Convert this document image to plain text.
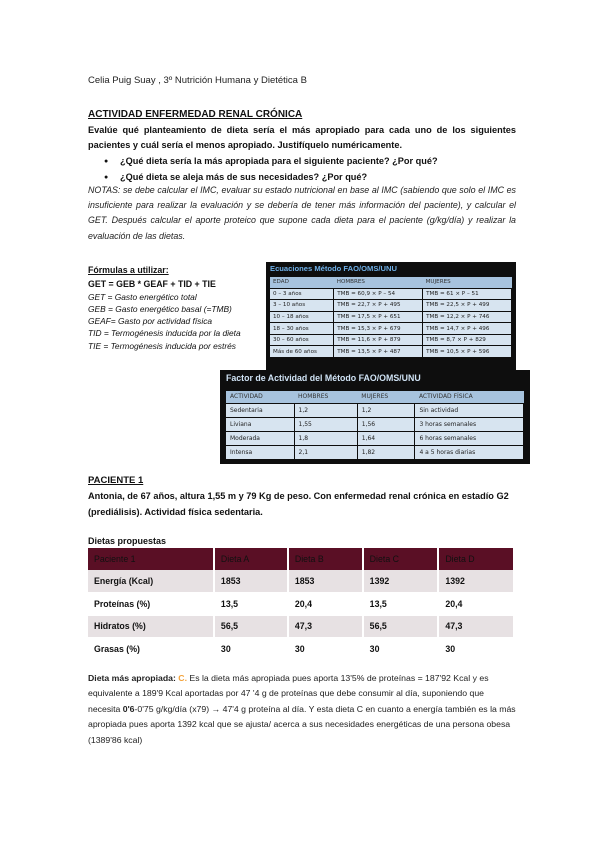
Celia Puig Suay , 3º Nutrición Humana y Dietética B
ACTIVIDAD ENFERMEDAD RENAL CRÓNICA
Evalúe qué planteamiento de dieta sería el más apropiado para cada uno de los siguientes pacientes y cuál sería el menos apropiado. Justifíquelo numéricamente.
● ¿Qué dieta sería la más apropiada para el siguiente paciente? ¿Por qué?
● ¿Qué dieta se aleja más de sus necesidades? ¿Por qué?
NOTAS: se debe calcular el IMC, evaluar su estado nutricional en base al IMC (sabiendo que solo el IMC es insuficiente para realizar la evaluación y se debería de tener más información del paciente), y calcular el GET. Después calcular el aporte proteico que supone cada dieta para el paciente (g/kg/día) y realizar la evaluación de las dietas.
Fórmulas a utilizar:
GET = GEB * GEAF + TID + TIE
GET = Gasto energético total
GEB = Gasto energético basal (=TMB)
GEAF= Gasto por actividad física
TID = Termogénesis inducida por la dieta
TIE = Termogénesis inducida por estrés
Ecuaciones Método FAO/OMS/UNU
EDAD	HOMBRES	MUJERES
0 – 3 años	TMB = 60,9 × P – 54	TMB = 61 × P – 51
3 – 10 años	TMB = 22,7 × P + 495	TMB = 22,5 × P + 499
10 – 18 años	TMB = 17,5 × P + 651	TMB = 12,2 × P + 746
18 – 30 años	TMB = 15,3 × P + 679	TMB = 14,7 × P + 496
30 – 60 años	TMB = 11,6 × P + 879	TMB = 8,7 × P + 829
Más de 60 años	TMB = 13,5 × P + 487	TMB = 10,5 × P + 596
Factor de Actividad del Método FAO/OMS/UNU
ACTIVIDAD	HOMBRES	MUJERES	ACTIVIDAD FÍSICA
Sedentaria	1,2	1,2	Sin actividad
Liviana	1,55	1,56	3 horas semanales
Moderada	1,8	1,64	6 horas semanales
Intensa	2,1	1,82	4 a 5 horas diarias
PACIENTE 1
Antonia, de 67 años, altura 1,55 m y 79 Kg de peso. Con enfermedad renal crónica en estadío G2 (prediálisis). Actividad física sedentaria.
Dietas propuestas
Paciente 1	Dieta A	Dieta B	Dieta C	Dieta D
Energía (Kcal)	1853	1853	1392	1392
Proteínas (%)	13,5	20,4	13,5	20,4
Hidratos (%)	56,5	47,3	56,5	47,3
Grasas (%)	30	30	30	30
Dieta más apropiada: C. Es la dieta más apropiada pues aporta 13'5% de proteínas = 187'92 Kcal y es equivalente a 189'9 Kcal aportadas por 47 '4 g de proteínas que debe consumir al día, suponiendo que necesita 0'6-0'75 g/kg/día (x79) → 47'4 g proteína al día. Y esta dieta C en cuanto a energía también es la más apropiada pues aporta 1392 kcal que se ajusta/ acerca a sus necesidades energéticas de una persona obesa (1389'86 kcal)
